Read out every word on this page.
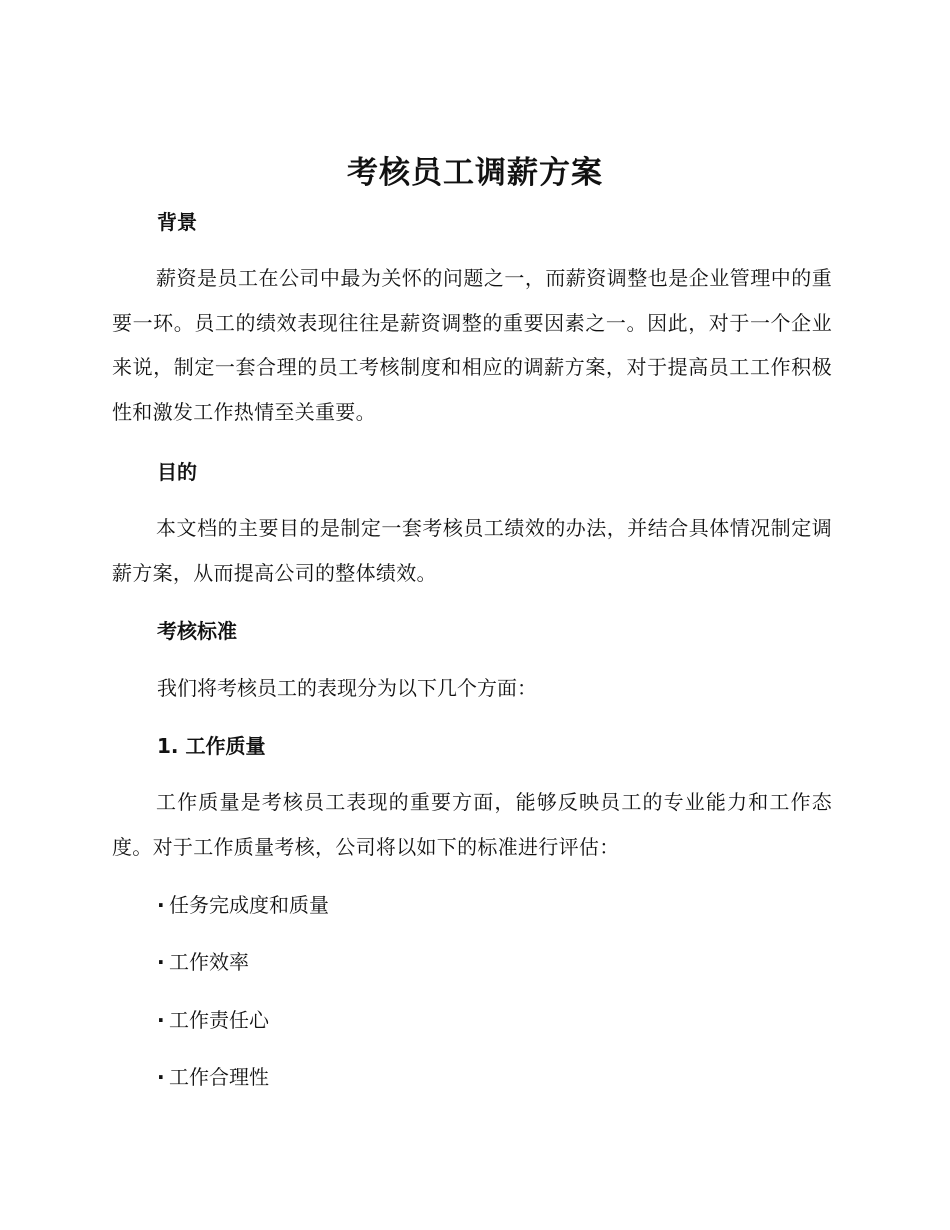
考核员工调薪方案
背景

薪资是员工在公司中最为关怀的问题之一，而薪资调整也是企业管理中的重要一环。员工的绩效表现往往是薪资调整的重要因素之一。因此，对于一个企业来说，制定一套合理的员工考核制度和相应的调薪方案，对于提高员工工作积极性和激发工作热情至关重要。

目的

本文档的主要目的是制定一套考核员工绩效的办法，并结合具体情况制定调薪方案，从而提高公司的整体绩效。

考核标准

我们将考核员工的表现分为以下几个方面：

1. 工作质量

工作质量是考核员工表现的重要方面，能够反映员工的专业能力和工作态度。对于工作质量考核，公司将以如下的标准进行评估：

· 任务完成度和质量
· 工作效率
· 工作责任心
· 工作合理性
